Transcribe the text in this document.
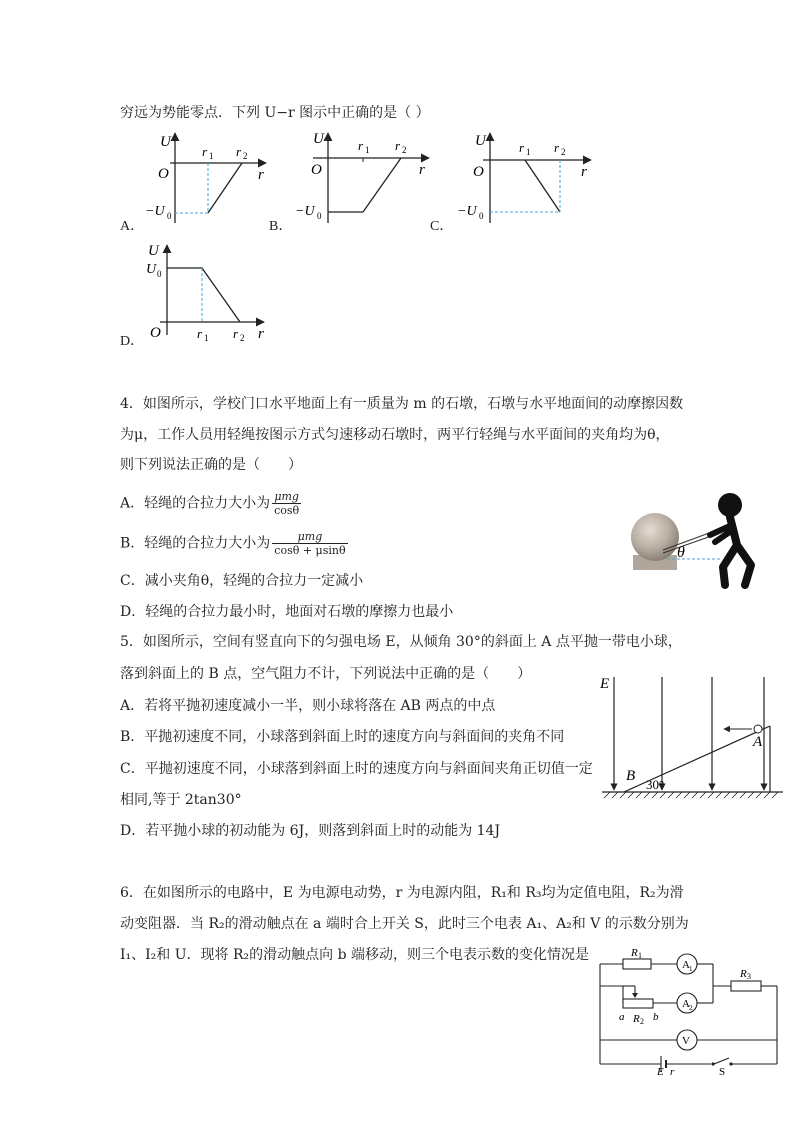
穷远为势能零点．下列 U−r 图示中正确的是（ ）
A．	B．	C．
D．
U
O	r
r 1 r 2
−U 0
U
O	r
r 1 r 2
−U 0
U
O	r
r 1 r 2
−U 0
U
U 0
O	r
r 1 r 2
4．如图所示，学校门口水平地面上有一质量为 m 的石墩，石墩与水平地面间的动摩擦因数
为μ，工作人员用轻绳按图示方式匀速移动石墩时，两平行轻绳与水平面间的夹角均为θ，
则下列说法正确的是（　　）
A．轻绳的合拉力大小为 $\frac{\text{μmg}}{\cos\theta}$
B．轻绳的合拉力大小为 $\frac{\text{μmg}}{\cos\theta + \mu\sin\theta}$
C．减小夹角θ，轻绳的合拉力一定减小
D．轻绳的合拉力最小时，地面对石墩的摩擦力也最小
θ
5．如图所示，空间有竖直向下的匀强电场 E，从倾角 30°的斜面上 A 点平抛一带电小球，
落到斜面上的 B 点，空气阻力不计，下列说法中正确的是（　　）
A．若将平抛初速度减小一半，则小球将落在 AB 两点的中点
B．平抛初速度不同，小球落到斜面上时的速度方向与斜面间的夹角不同
C．平抛初速度不同，小球落到斜面上时的速度方向与斜面间夹角正切值一定
相同,等于 2tan30°
D．若平抛小球的初动能为 6J，则落到斜面上时的动能为 14J
E
A
B
30°
6．在如图所示的电路中，E 为电源电动势，r 为电源内阻，R₁和 R₃均为定值电阻，R₂为滑
动变阻器．当 R₂的滑动触点在 a 端时合上开关 S，此时三个电表 A₁、A₂和 V 的示数分别为
I₁、I₂和 U．现将 R₂的滑动触点向 b 端移动，则三个电表示数的变化情况是	R 1
A 1
a R 2 b
A 2
R 3
V
E r	S
